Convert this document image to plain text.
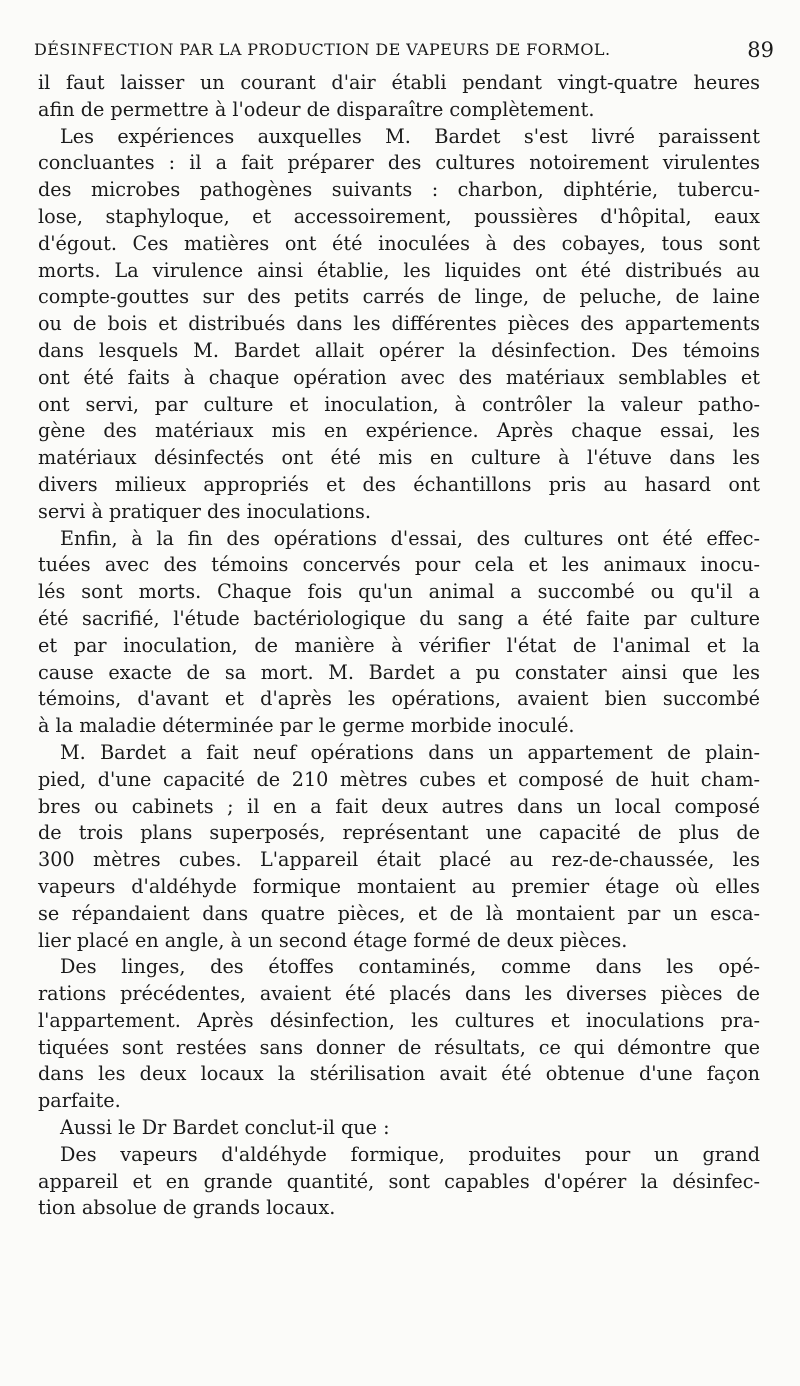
DÉSINFECTION PAR LA PRODUCTION DE VAPEURS DE FORMOL.	89
il faut laisser un courant d'air établi pendant vingt-quatre heures
afin de permettre à l'odeur de disparaître complètement.
Les expériences auxquelles M. Bardet s'est livré paraissent
concluantes : il a fait préparer des cultures notoirement virulentes
des microbes pathogènes suivants : charbon, diphtérie, tubercu-
lose, staphyloque, et accessoirement, poussières d'hôpital, eaux
d'égout. Ces matières ont été inoculées à des cobayes, tous sont
morts. La virulence ainsi établie, les liquides ont été distribués au
compte-gouttes sur des petits carrés de linge, de peluche, de laine
ou de bois et distribués dans les différentes pièces des appartements
dans lesquels M. Bardet allait opérer la désinfection. Des témoins
ont été faits à chaque opération avec des matériaux semblables et
ont servi, par culture et inoculation, à contrôler la valeur patho-
gène des matériaux mis en expérience. Après chaque essai, les
matériaux désinfectés ont été mis en culture à l'étuve dans les
divers milieux appropriés et des échantillons pris au hasard ont
servi à pratiquer des inoculations.
Enfin, à la fin des opérations d'essai, des cultures ont été effec-
tuées avec des témoins concervés pour cela et les animaux inocu-
lés sont morts. Chaque fois qu'un animal a succombé ou qu'il a
été sacrifié, l'étude bactériologique du sang a été faite par culture
et par inoculation, de manière à vérifier l'état de l'animal et la
cause exacte de sa mort. M. Bardet a pu constater ainsi que les
témoins, d'avant et d'après les opérations, avaient bien succombé
à la maladie déterminée par le germe morbide inoculé.
M. Bardet a fait neuf opérations dans un appartement de plain-
pied, d'une capacité de 210 mètres cubes et composé de huit cham-
bres ou cabinets ; il en a fait deux autres dans un local composé
de trois plans superposés, représentant une capacité de plus de
300 mètres cubes. L'appareil était placé au rez-de-chaussée, les
vapeurs d'aldéhyde formique montaient au premier étage où elles
se répandaient dans quatre pièces, et de là montaient par un esca-
lier placé en angle, à un second étage formé de deux pièces.
Des linges, des étoffes contaminés, comme dans les opé-
rations précédentes, avaient été placés dans les diverses pièces de
l'appartement. Après désinfection, les cultures et inoculations pra-
tiquées sont restées sans donner de résultats, ce qui démontre que
dans les deux locaux la stérilisation avait été obtenue d'une façon
parfaite.
Aussi le Dr Bardet conclut-il que :
Des vapeurs d'aldéhyde formique, produites pour un grand
appareil et en grande quantité, sont capables d'opérer la désinfec-
tion absolue de grands locaux.
